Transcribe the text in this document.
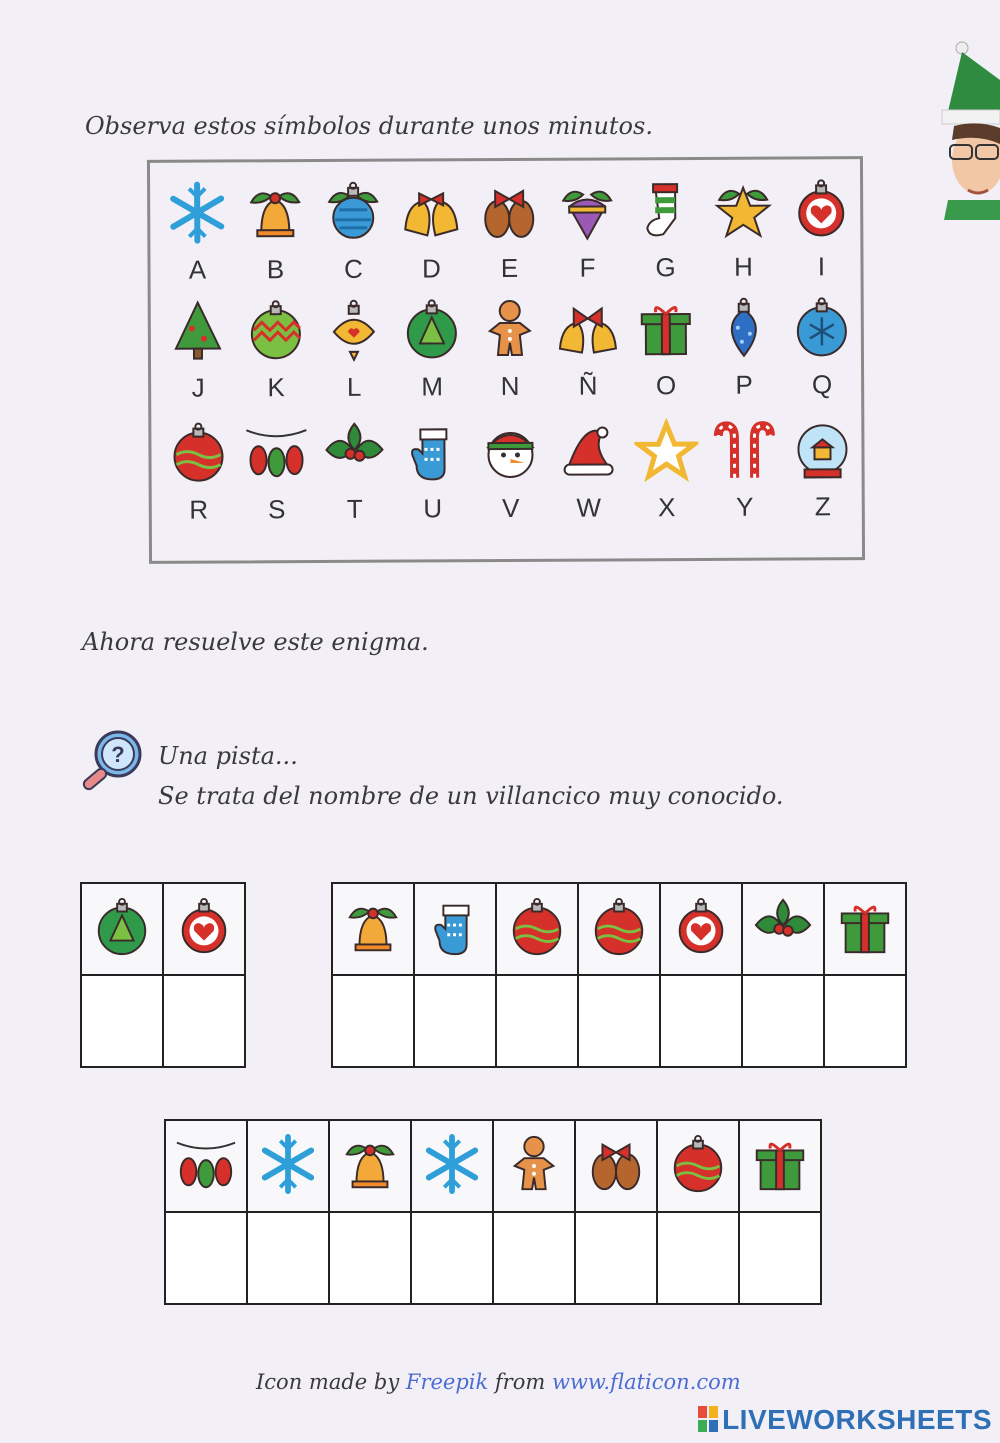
Observa estos símbolos durante unos minutos.
A	B	C	D	E	F	G	H	I
J	K	L	M	N	Ñ	O	P	Q
R	S	T	U	V	W	X	Y	Z
Ahora resuelve este enigma.
? Una pista...
Se trata del nombre de un villancico muy conocido.

Icon made by Freepik from www.flaticon.com
LIVEWORKSHEETS
